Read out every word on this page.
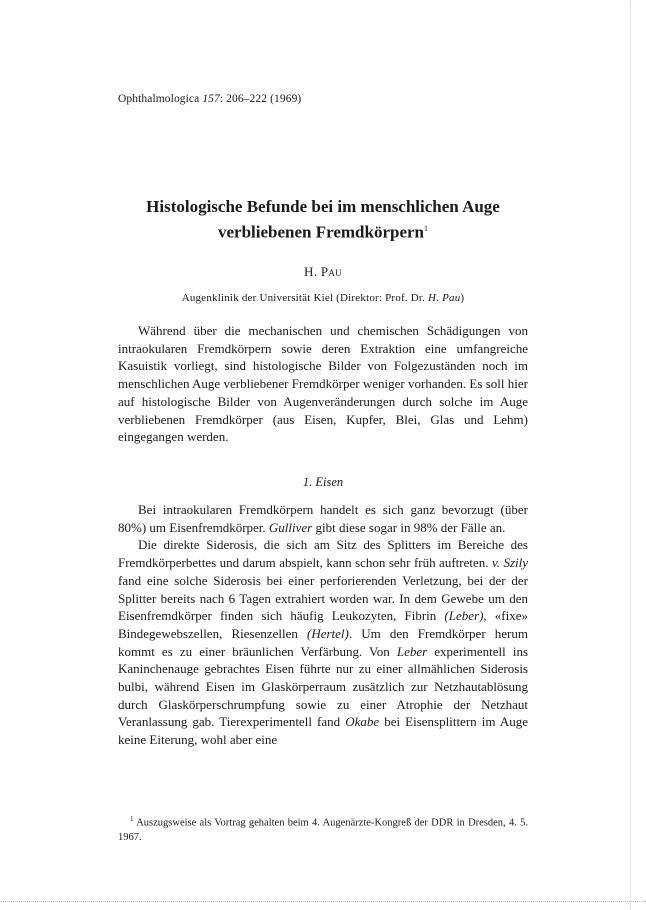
Ophthalmologica 157: 206–222 (1969)
Histologische Befunde bei im menschlichen Auge
verbliebenen Fremdkörpern$^1$
H. Pau
Augenklinik der Universität Kiel (Direktor: Prof. Dr. H. Pau)

Während über die mechanischen und chemischen Schädigungen von intraokularen Fremdkörpern sowie deren Extraktion eine umfangreiche Kasuistik vorliegt, sind histologische Bilder von Folgezuständen noch im menschlichen Auge verbliebener Fremdkörper weniger vorhanden. Es soll hier auf histologische Bilder von Augenveränderungen durch solche im Auge verbliebenen Fremdkörper (aus Eisen, Kupfer, Blei, Glas und Lehm) eingegangen werden.

1. Eisen

Bei intraokularen Fremdkörpern handelt es sich ganz bevorzugt (über 80%) um Eisenfremdkörper. Gulliver gibt diese sogar in 98% der Fälle an.

Die direkte Siderosis, die sich am Sitz des Splitters im Bereiche des Fremdkörperbettes und darum abspielt, kann schon sehr früh auftreten. v. Szily fand eine solche Siderosis bei einer perforierenden Verletzung, bei der der Splitter bereits nach 6 Tagen extrahiert worden war. In dem Gewebe um den Eisenfremdkörper finden sich häufig Leukozyten, Fibrin (Leber), «fixe» Bindegewebszellen, Riesenzellen (Hertel). Um den Fremdkörper herum kommt es zu einer bräunlichen Verfärbung. Von Leber experimentell ins Kaninchenauge gebrachtes Eisen führte nur zu einer allmählichen Siderosis bulbi, während Eisen im Glaskörperraum zusätzlich zur Netzhautablösung durch Glaskörperschrumpfung sowie zu einer Atrophie der Netzhaut Veranlassung gab. Tierexperimentell fand Okabe bei Eisensplittern im Auge keine Eiterung, wohl aber eine

$^1$ Auszugsweise als Vortrag gehalten beim 4. Augenärzte-Kongreß der DDR in Dresden, 4. 5. 1967.
